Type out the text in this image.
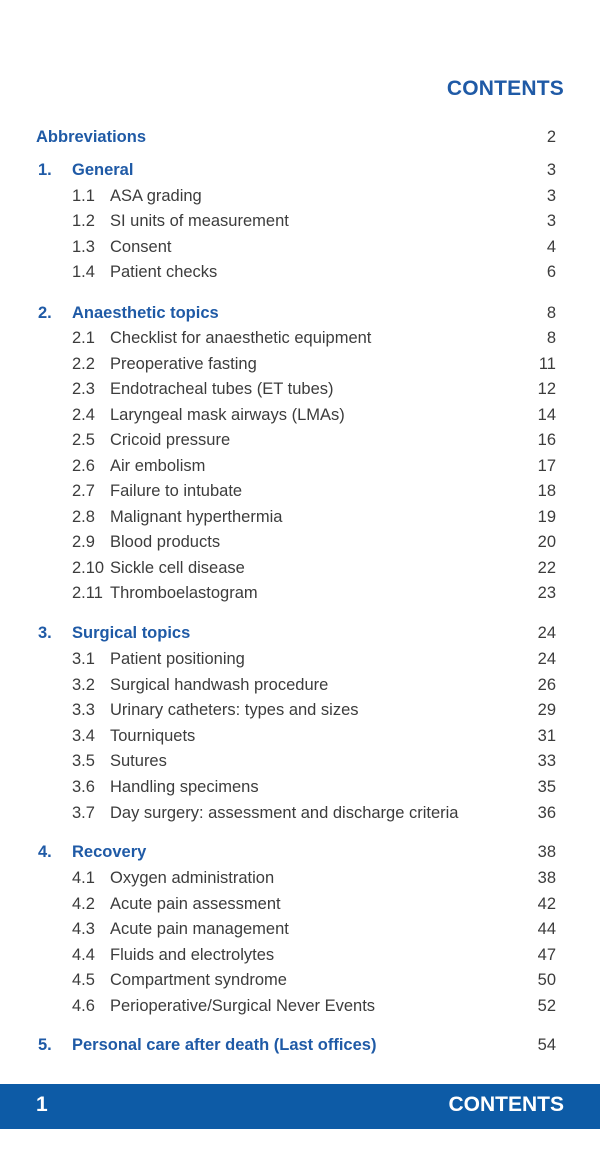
CONTENTS
Abbreviations	2
1. General	3
1.1 ASA grading	3
1.2 SI units of measurement	3
1.3 Consent	4
1.4 Patient checks	6
2. Anaesthetic topics	8
2.1 Checklist for anaesthetic equipment	8
2.2 Preoperative fasting	11
2.3 Endotracheal tubes (ET tubes)	12
2.4 Laryngeal mask airways (LMAs)	14
2.5 Cricoid pressure	16
2.6 Air embolism	17
2.7 Failure to intubate	18
2.8 Malignant hyperthermia	19
2.9 Blood products	20
2.10 Sickle cell disease	22
2.11 Thromboelastogram	23
3. Surgical topics	24
3.1 Patient positioning	24
3.2 Surgical handwash procedure	26
3.3 Urinary catheters: types and sizes	29
3.4 Tourniquets	31
3.5 Sutures	33
3.6 Handling specimens	35
3.7 Day surgery: assessment and discharge criteria	36
4. Recovery	38
4.1 Oxygen administration	38
4.2 Acute pain assessment	42
4.3 Acute pain management	44
4.4 Fluids and electrolytes	47
4.5 Compartment syndrome	50
4.6 Perioperative/Surgical Never Events	52
5. Personal care after death (Last offices)	54
1	CONTENTS
